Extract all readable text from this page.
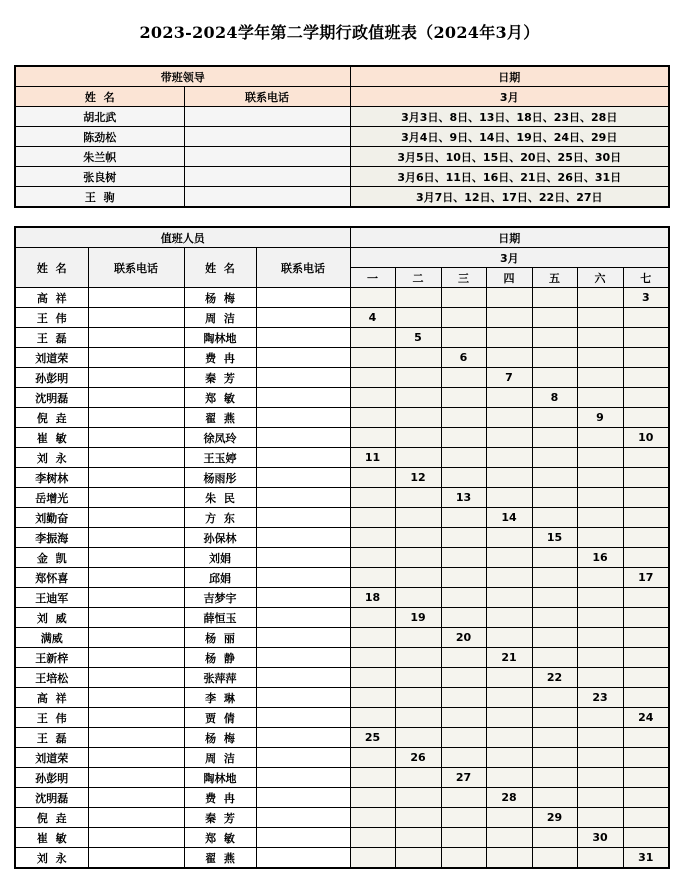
2023-2024学年第二学期行政值班表（2024年3月）
带班领导		日期
姓  名	联系电话	3月
胡北武		3月3日、8日、13日、18日、23日、28日
陈劲松		3月4日、9日、14日、19日、24日、29日
朱兰帜		3月5日、10日、15日、20日、25日、30日
张良树		3月6日、11日、16日、21日、26日、31日
王  驹		3月7日、12日、17日、22日、27日
值班人员				日期						
姓  名	联系电话	姓  名	联系电话	3月						
				一	二	三	四	五	六	七
高  祥		杨  梅								3
王  伟		周  洁		4						
王  磊		陶林地			5					
刘道荣		费  冉				6				
孙彭明		秦  芳					7			
沈明磊		郑  敏						8		
倪  垚		翟  燕							9	
崔  敏		徐凤玲								10
刘  永		王玉婷		11						
李树林		杨雨彤			12					
岳增光		朱  民				13				
刘勤奋		方  东					14			
李振海		孙保林						15		
金  凯		刘娟							16	
郑怀喜		邱娟								17
王迪军		吉梦宇		18						
刘  威		薛恒玉			19					
满威		杨  丽				20				
王新梓		杨  静					21			
王培松		张萍萍						22		
高  祥		李  琳							23	
王  伟		贾  倩								24
王  磊		杨  梅		25						
刘道荣		周  洁			26					
孙彭明		陶林地				27				
沈明磊		费  冉					28			
倪  垚		秦  芳						29		
崔  敏		郑  敏							30	
刘  永		翟  燕								31
